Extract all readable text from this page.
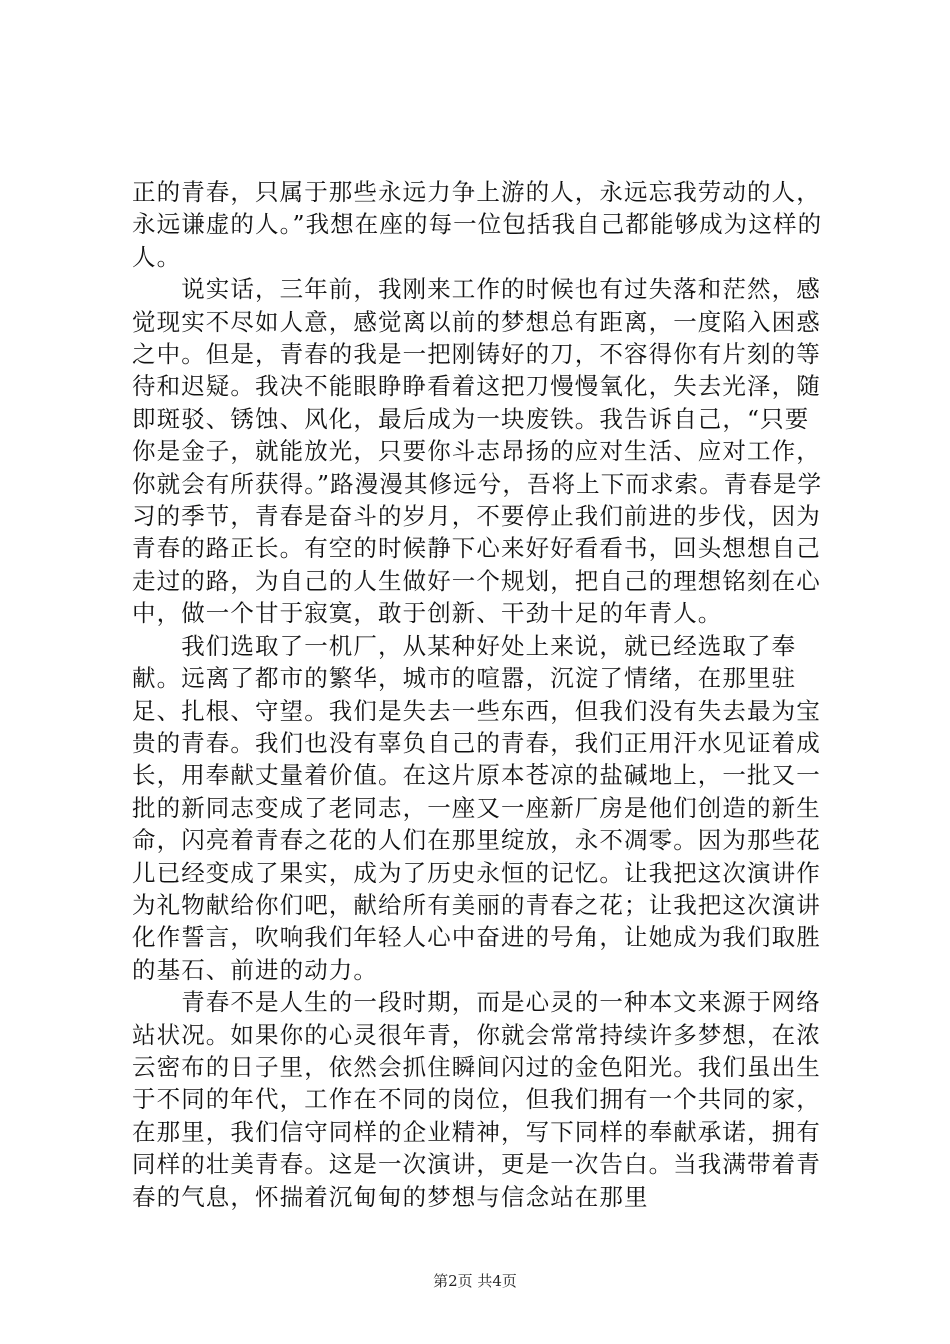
正的青春，只属于那些永远力争上游的人，永远忘我劳动的人，永远谦虚的人。”我想在座的每一位包括我自己都能够成为这样的人。

　　说实话，三年前，我刚来工作的时候也有过失落和茫然，感觉现实不尽如人意，感觉离以前的梦想总有距离，一度陷入困惑之中。但是，青春的我是一把刚铸好的刀，不容得你有片刻的等待和迟疑。我决不能眼睁睁看着这把刀慢慢氧化，失去光泽，随即斑驳、锈蚀、风化，最后成为一块废铁。我告诉自己，“只要你是金子，就能放光，只要你斗志昂扬的应对生活、应对工作，你就会有所获得。”路漫漫其修远兮，吾将上下而求索。青春是学习的季节，青春是奋斗的岁月，不要停止我们前进的步伐，因为青春的路正长。有空的时候静下心来好好看看书，回头想想自己走过的路，为自己的人生做好一个规划，把自己的理想铭刻在心中，做一个甘于寂寞，敢于创新、干劲十足的年青人。

　　我们选取了一机厂，从某种好处上来说，就已经选取了奉献。远离了都市的繁华，城市的喧嚣，沉淀了情绪，在那里驻足、扎根、守望。我们是失去一些东西，但我们没有失去最为宝贵的青春。我们也没有辜负自己的青春，我们正用汗水见证着成长，用奉献丈量着价值。在这片原本苍凉的盐碱地上，一批又一批的新同志变成了老同志，一座又一座新厂房是他们创造的新生命，闪亮着青春之花的人们在那里绽放，永不凋零。因为那些花儿已经变成了果实，成为了历史永恒的记忆。让我把这次演讲作为礼物献给你们吧，献给所有美丽的青春之花；让我把这次演讲化作誓言，吹响我们年轻人心中奋进的号角，让她成为我们取胜的基石、前进的动力。

　　青春不是人生的一段时期，而是心灵的一种本文来源于网络站状况。如果你的心灵很年青，你就会常常持续许多梦想，在浓云密布的日子里，依然会抓住瞬间闪过的金色阳光。我们虽出生于不同的年代，工作在不同的岗位，但我们拥有一个共同的家，在那里，我们信守同样的企业精神，写下同样的奉献承诺，拥有同样的壮美青春。这是一次演讲，更是一次告白。当我满带着青春的气息，怀揣着沉甸甸的梦想与信念站在那里

第2页 共4页
